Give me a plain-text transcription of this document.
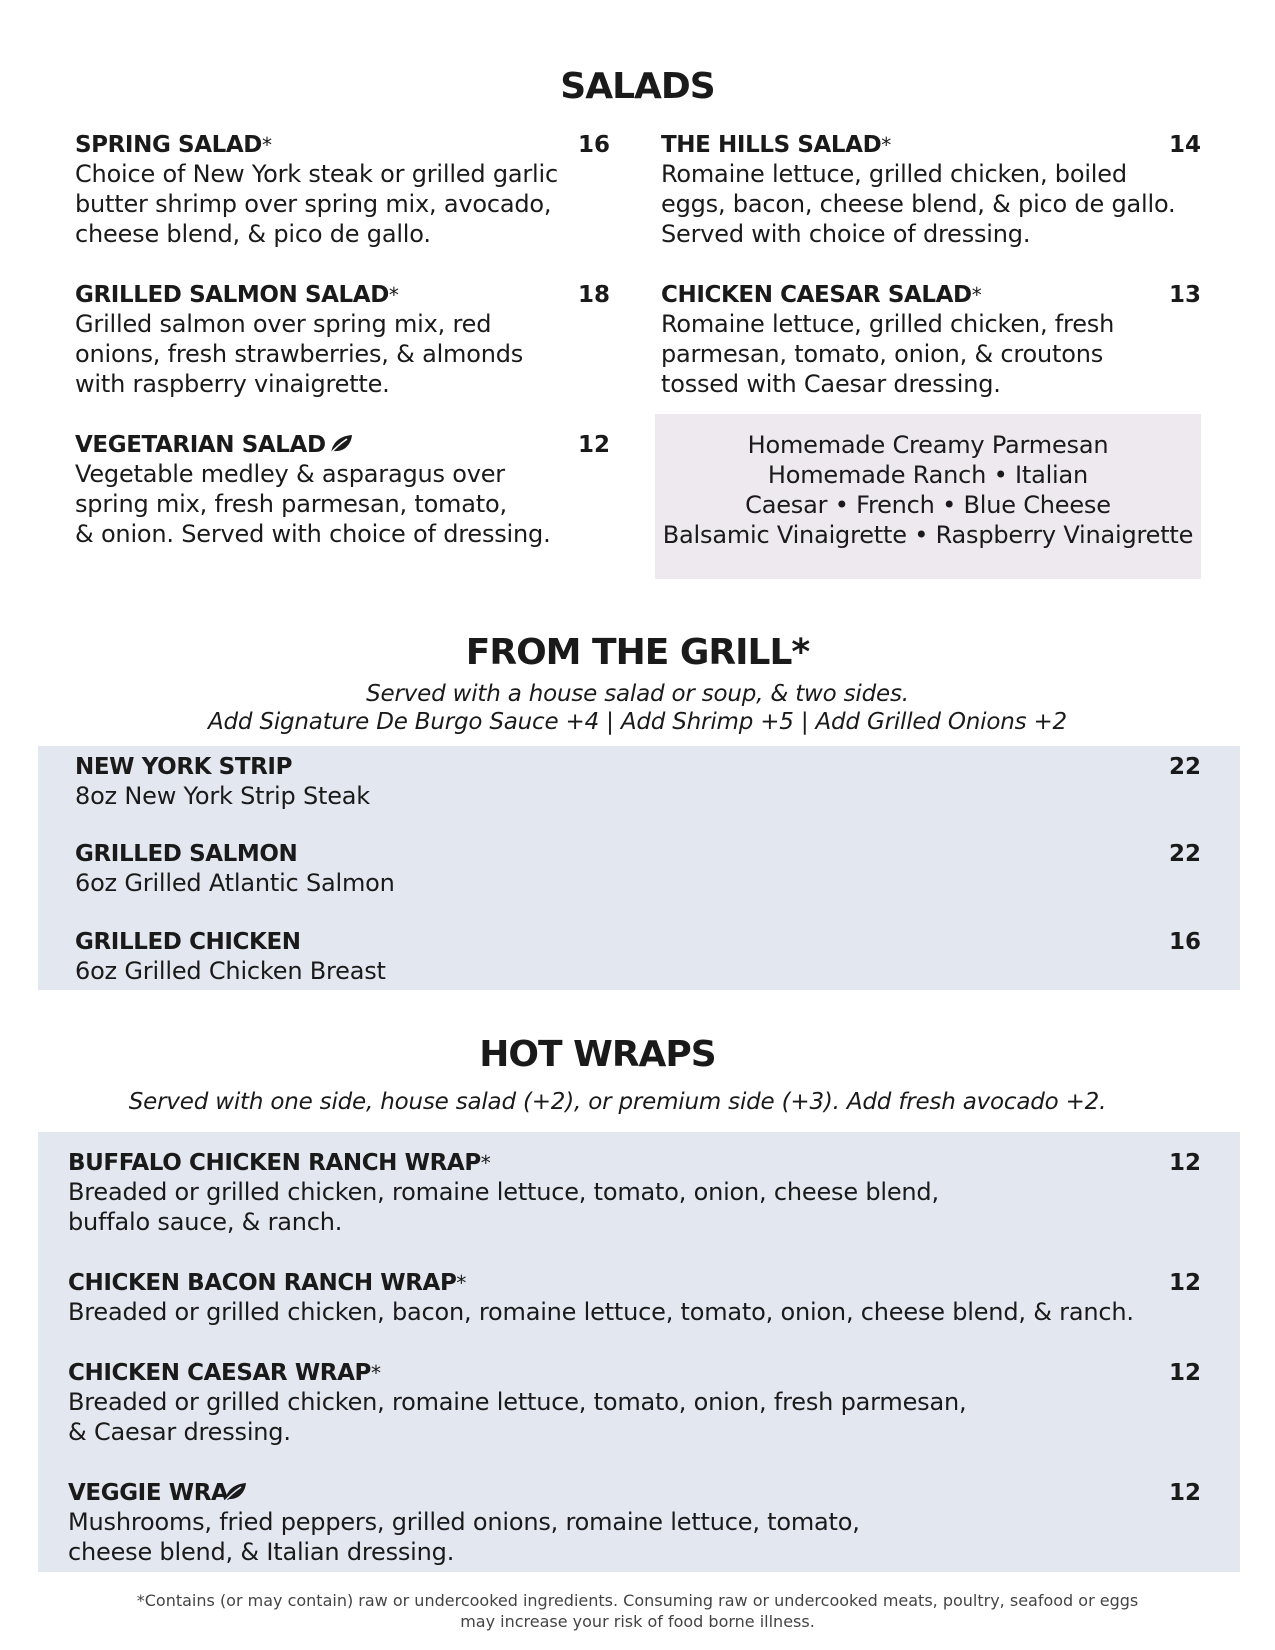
SALADS
SPRING SALAD*	16
Choice of New York steak or grilled garlic
butter shrimp over spring mix, avocado,
cheese blend, & pico de gallo.
THE HILLS SALAD*	14
Romaine lettuce, grilled chicken, boiled
eggs, bacon, cheese blend, & pico de gallo.
Served with choice of dressing.
GRILLED SALMON SALAD*	18
Grilled salmon over spring mix, red
onions, fresh strawberries, & almonds
with raspberry vinaigrette.
CHICKEN CAESAR SALAD*	13
Romaine lettuce, grilled chicken, fresh
parmesan, tomato, onion, & croutons
tossed with Caesar dressing.
VEGETARIAN SALAD	12
Vegetable medley & asparagus over
spring mix, fresh parmesan, tomato,
& onion. Served with choice of dressing.
Homemade Creamy Parmesan
Homemade Ranch • Italian
Caesar • French • Blue Cheese
Balsamic Vinaigrette • Raspberry Vinaigrette
FROM THE GRILL*
Served with a house salad or soup, & two sides.
Add Signature De Burgo Sauce +4 | Add Shrimp +5 | Add Grilled Onions +2
NEW YORK STRIP	22
8oz New York Strip Steak
GRILLED SALMON	22
6oz Grilled Atlantic Salmon
GRILLED CHICKEN	16
6oz Grilled Chicken Breast
HOT WRAPS
Served with one side, house salad (+2), or premium side (+3). Add fresh avocado +2.
BUFFALO CHICKEN RANCH WRAP*	12
Breaded or grilled chicken, romaine lettuce, tomato, onion, cheese blend,
buffalo sauce, & ranch.
CHICKEN BACON RANCH WRAP*	12
Breaded or grilled chicken, bacon, romaine lettuce, tomato, onion, cheese blend, & ranch.
CHICKEN CAESAR WRAP*	12
Breaded or grilled chicken, romaine lettuce, tomato, onion, fresh parmesan,
& Caesar dressing.
VEGGIE WRA	12
Mushrooms, fried peppers, grilled onions, romaine lettuce, tomato,
cheese blend, & Italian dressing.
*Contains (or may contain) raw or undercooked ingredients. Consuming raw or undercooked meats, poultry, seafood or eggs
may increase your risk of food borne illness.
